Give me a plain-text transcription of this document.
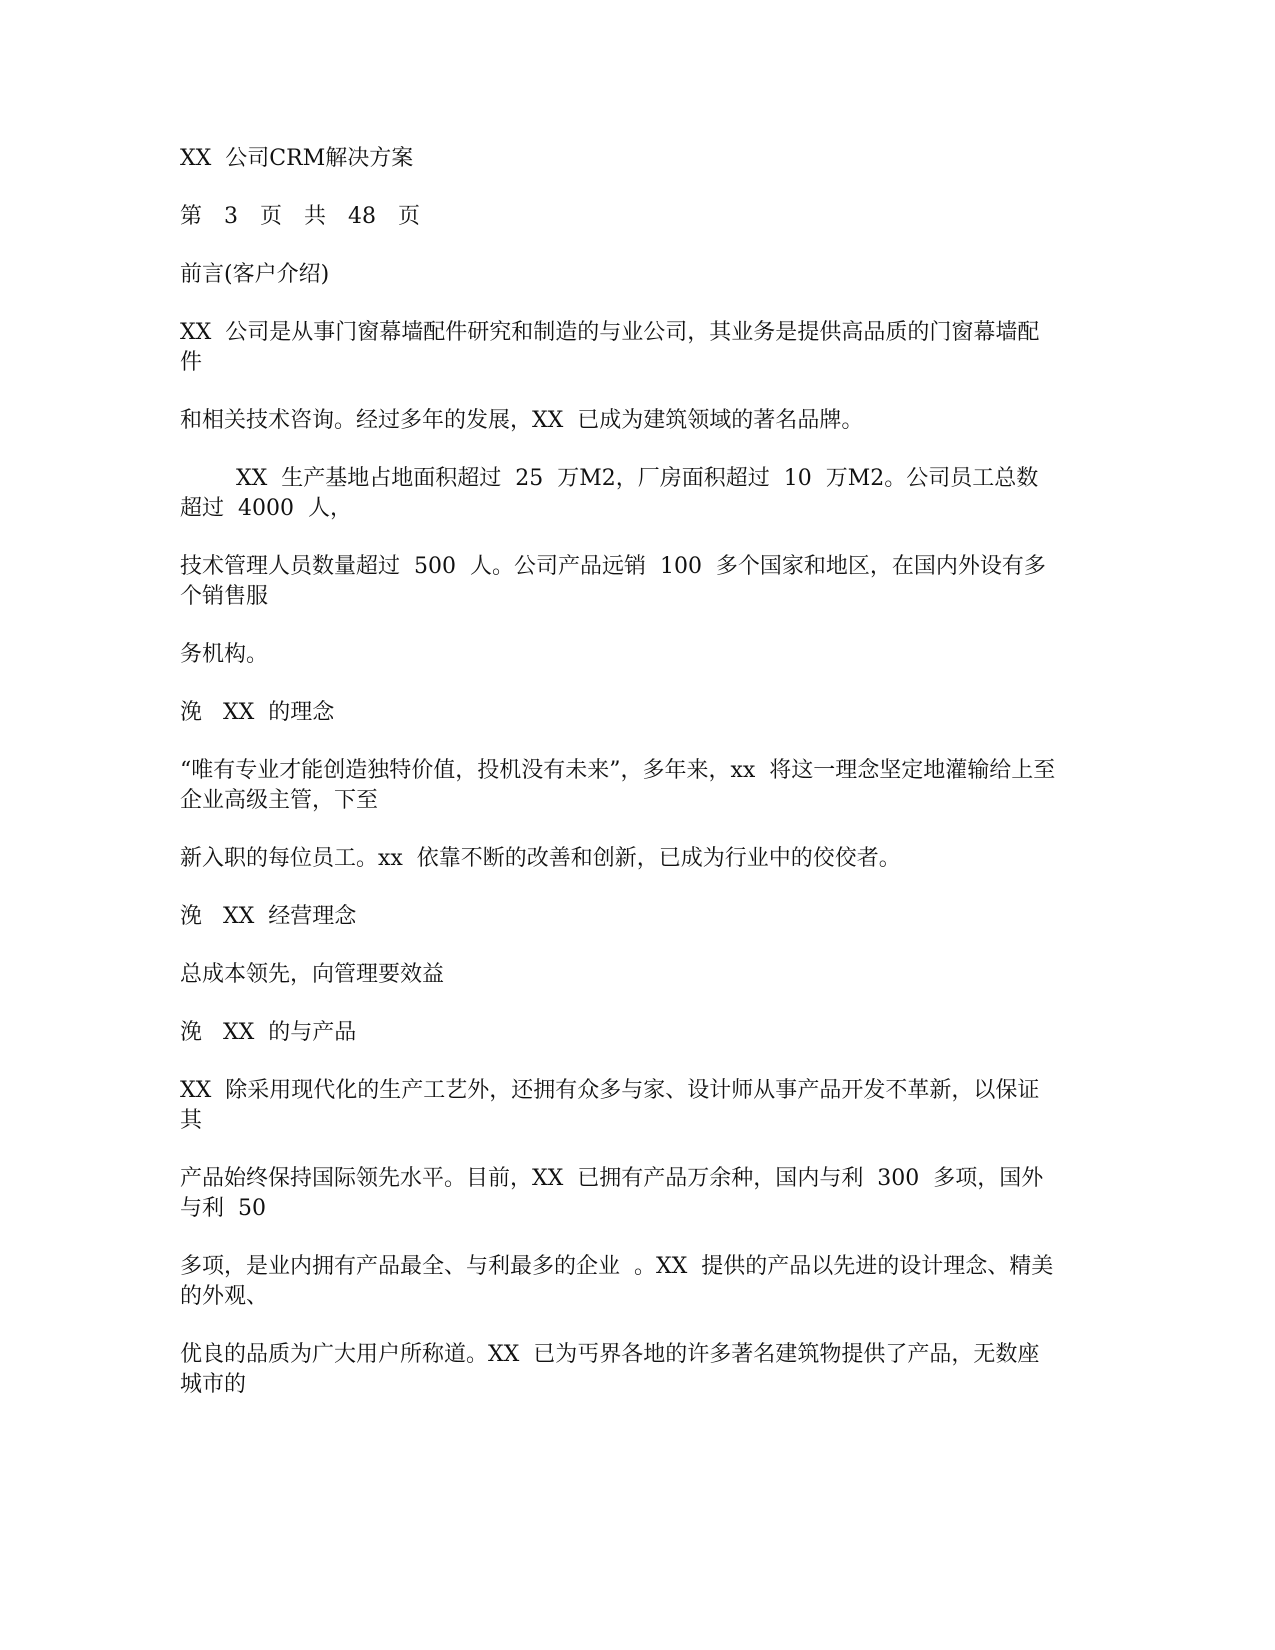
XX  公司CRM解决方案

第 3 页 共 48 页

前言(客户介绍)

XX  公司是从事门窗幕墙配件研究和制造的与业公司，其业务是提供高品质的门窗幕墙配件

和相关技术咨询。经过多年的发展，XX  已成为建筑领域的著名品牌。

XX  生产基地占地面积超过  25  万M2，厂房面积超过  10  万M2。公司员工总数超过  4000  人，

技术管理人员数量超过  500  人。公司产品远销  100  多个国家和地区，在国内外设有多个销售服

务机构。

浼   XX  的理念

“唯有专业才能创造独特价值，投机没有未来”，多年来，xx  将这一理念坚定地灌输给上至企业高级主管，下至

新入职的每位员工。xx  依靠不断的改善和创新，已成为行业中的佼佼者。

浼   XX  经营理念

总成本领先，向管理要效益

浼   XX  的与产品

XX  除采用现代化的生产工艺外，还拥有众多与家、设计师从事产品开发不革新，以保证其

产品始终保持国际领先水平。目前，XX  已拥有产品万余种，国内与利  300  多项，国外与利  50

多项，是业内拥有产品最全、与利最多的企业  。XX  提供的产品以先进的设计理念、精美的外观、

优良的品质为广大用户所称道。XX  已为丐界各地的许多著名建筑物提供了产品，无数座城市的
